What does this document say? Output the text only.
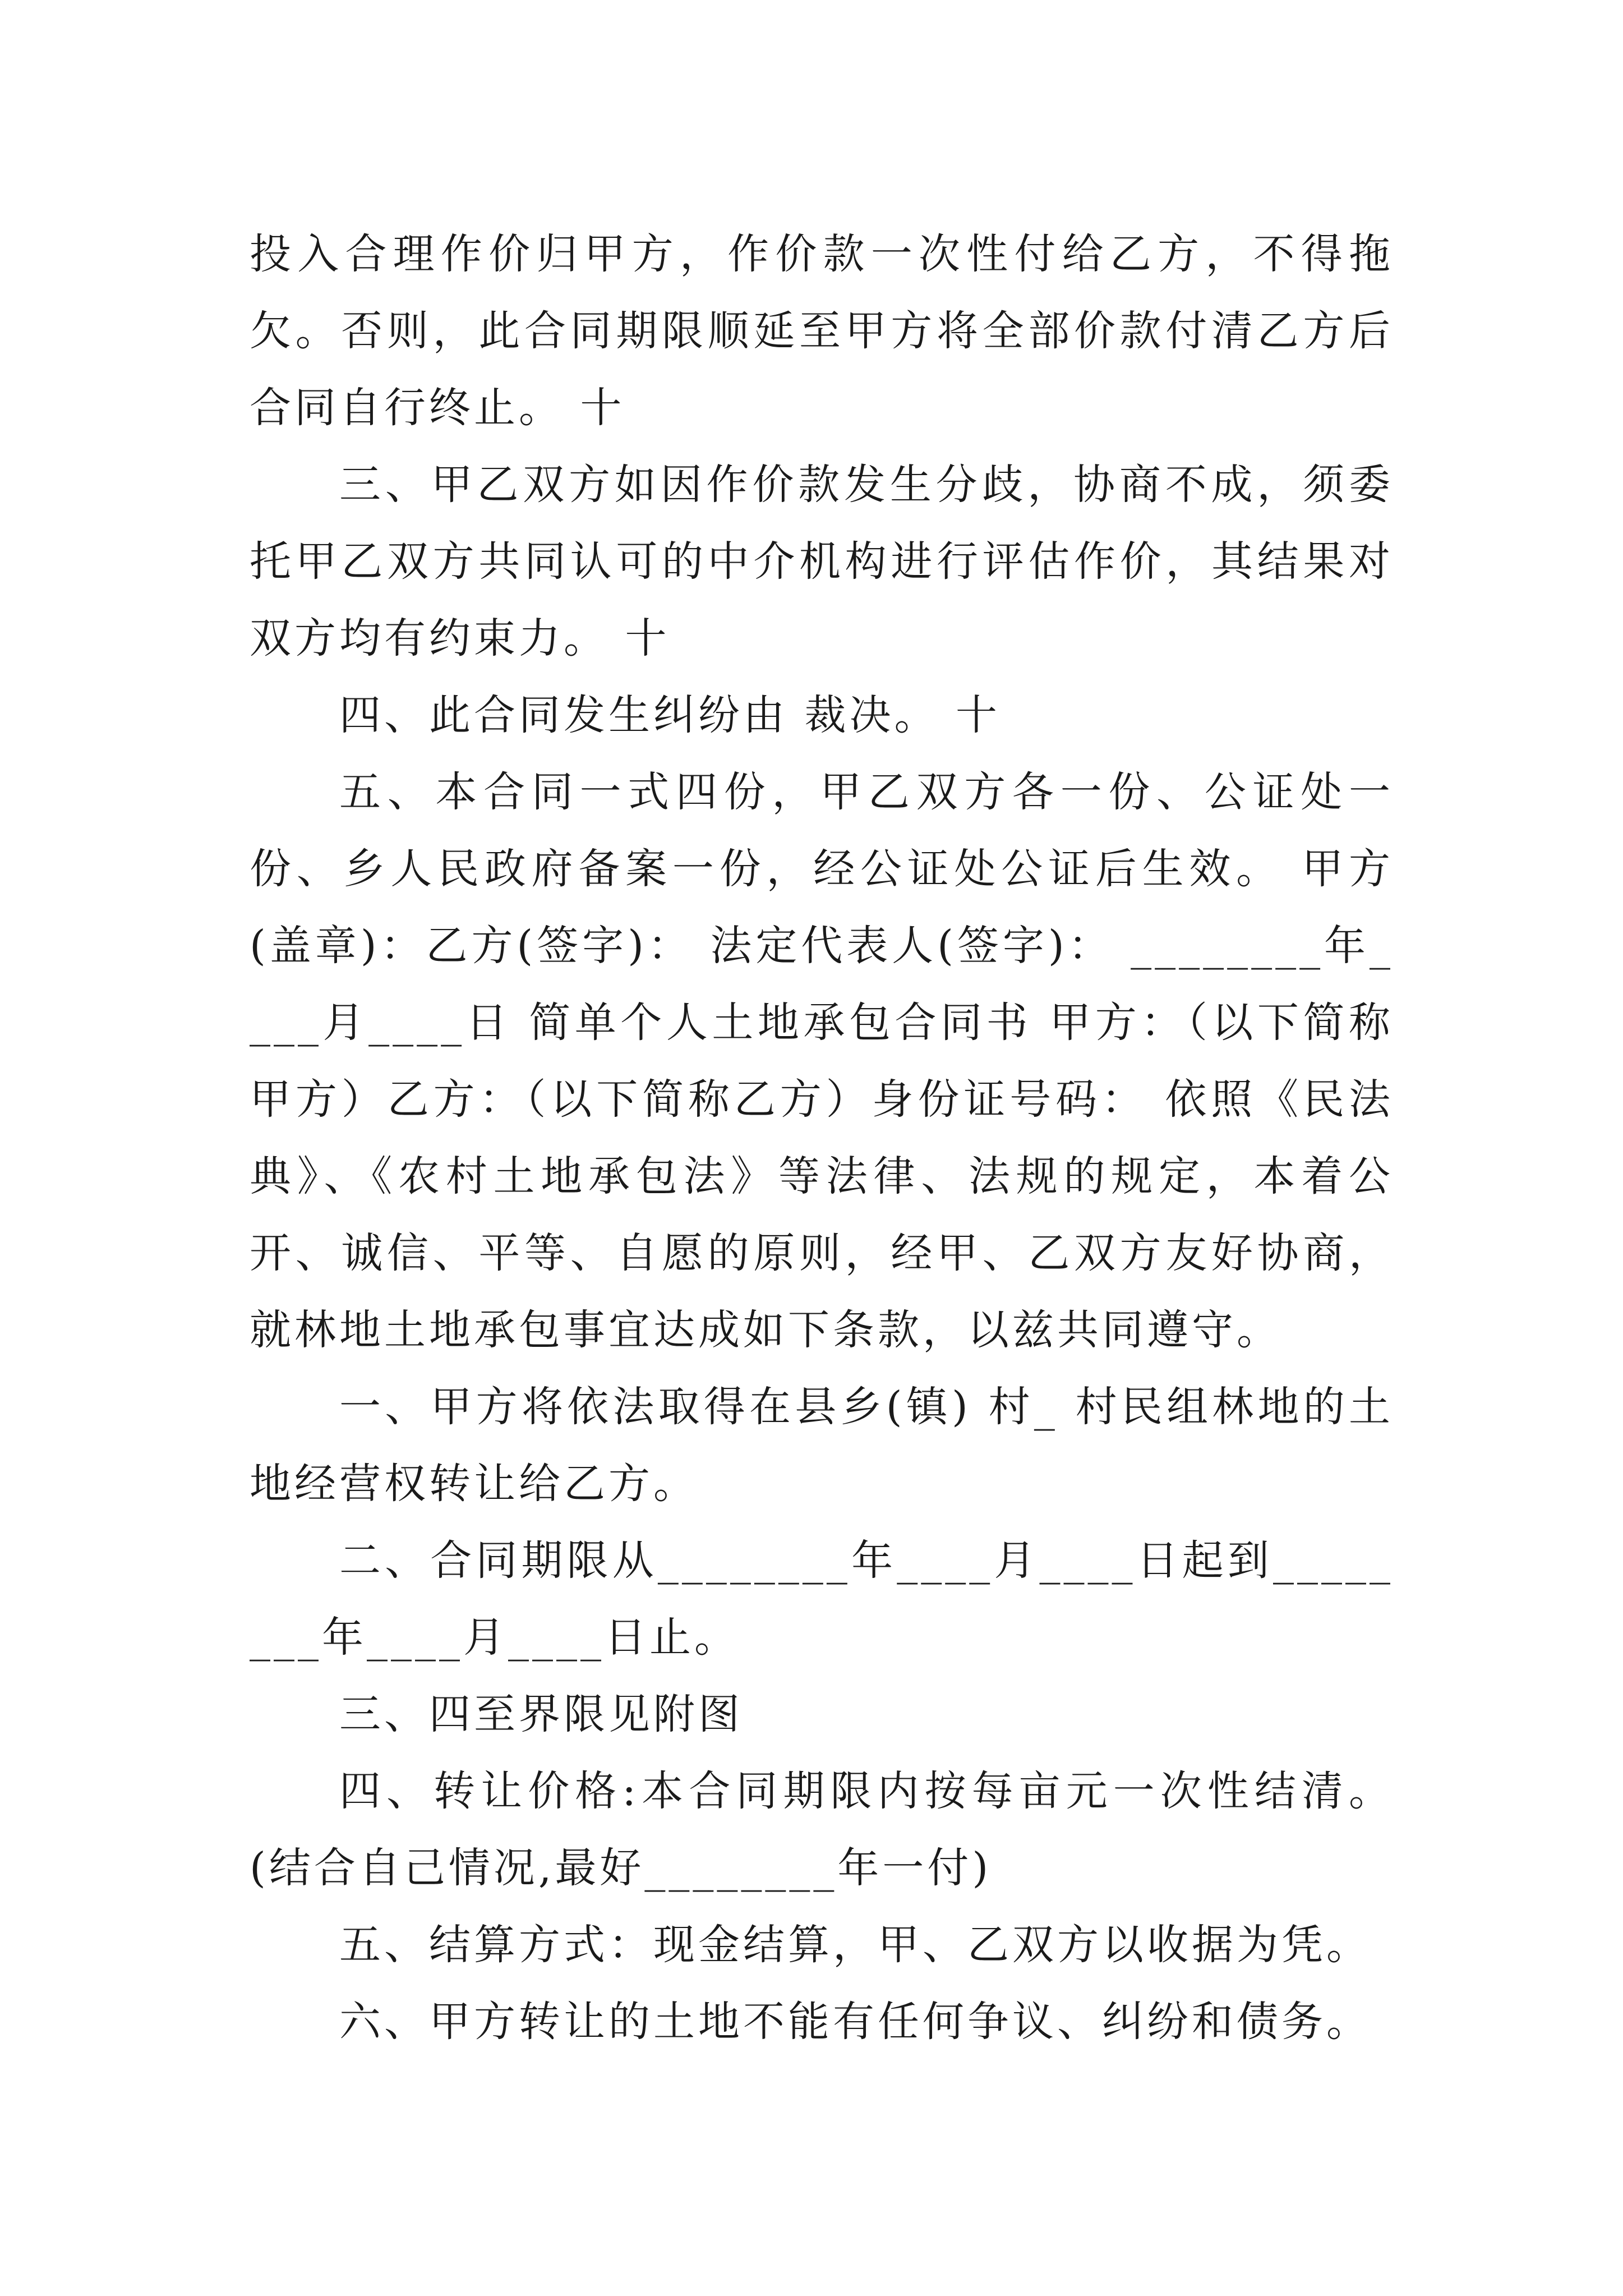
投入合理作价归甲方，作价款一次性付给乙方，不得拖欠。否则，此合同期限顺延至甲方将全部价款付清乙方后合同自行终止。 十

三、甲乙双方如因作价款发生分歧，协商不成，须委托甲乙双方共同认可的中介机构进行评估作价，其结果对双方均有约束力。 十

四、此合同发生纠纷由 裁决。 十

五、本合同一式四份，甲乙双方各一份、公证处一份、乡人民政府备案一份，经公证处公证后生效。 甲方(盖章)：乙方(签字)： 法定代表人(签字)： ________年____月____日 简单个人土地承包合同书 甲方：（以下简称甲方）乙方：（以下简称乙方）身份证号码： 依照《民法典》、《农村土地承包法》等法律、法规的规定，本着公开、诚信、平等、自愿的原则，经甲、乙双方友好协商，就林地土地承包事宜达成如下条款，以兹共同遵守。

一、甲方将依法取得在县乡(镇) 村_ 村民组林地的土地经营权转让给乙方。

二、合同期限从________年____月____日起到________年____月____日止。

三、四至界限见附图

四、转让价格:本合同期限内按每亩元一次性结清。(结合自己情况,最好________年一付)

五、结算方式：现金结算，甲、乙双方以收据为凭。

六、甲方转让的土地不能有任何争议、纠纷和债务。
